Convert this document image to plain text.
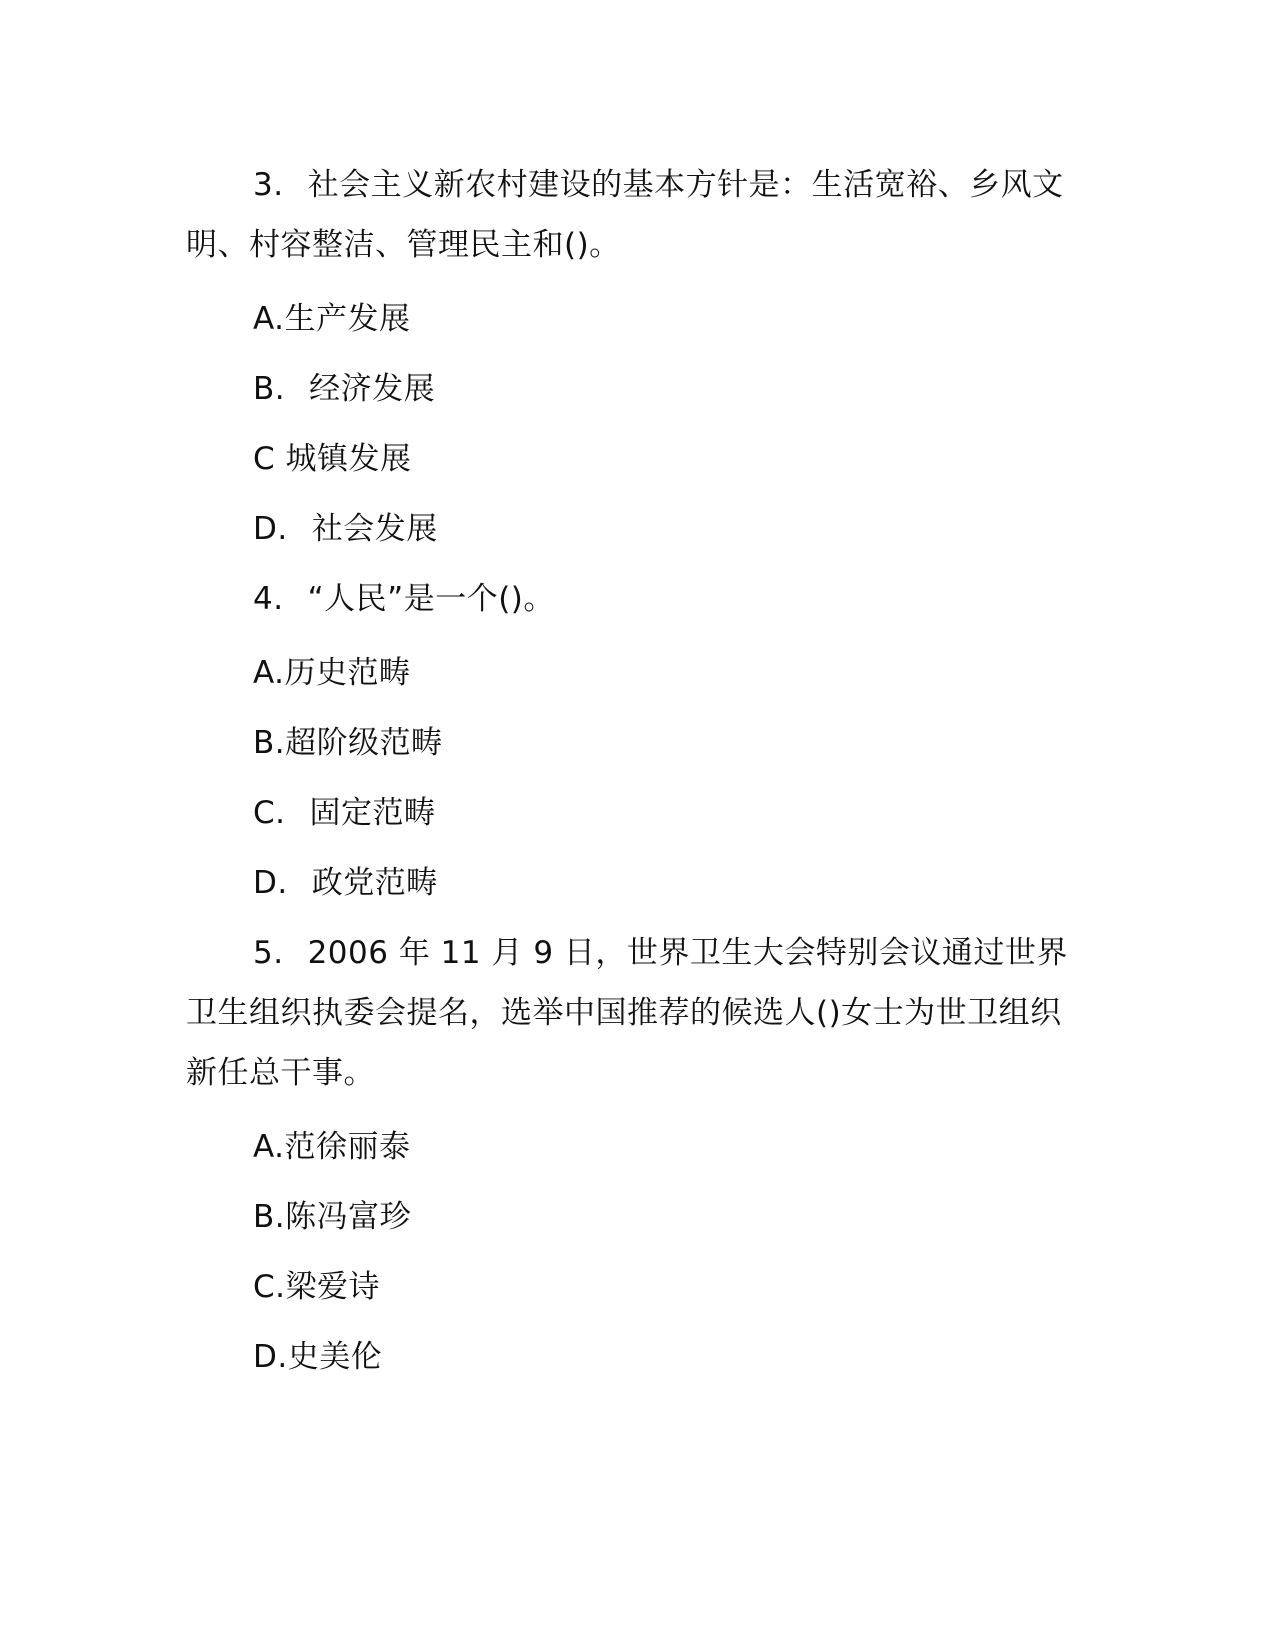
3. 社会主义新农村建设的基本方针是：生活宽裕、乡风文明、村容整洁、管理民主和()。
A.生产发展
B. 经济发展
C 城镇发展
D. 社会发展
4. “人民”是一个()。
A.历史范畴
B.超阶级范畴
C. 固定范畴
D. 政党范畴
5. 2006 年 11 月 9 日，世界卫生大会特别会议通过世界卫生组织执委会提名，选举中国推荐的候选人()女士为世卫组织新任总干事。
A.范徐丽泰
B.陈冯富珍
C.梁爱诗
D.史美伦
